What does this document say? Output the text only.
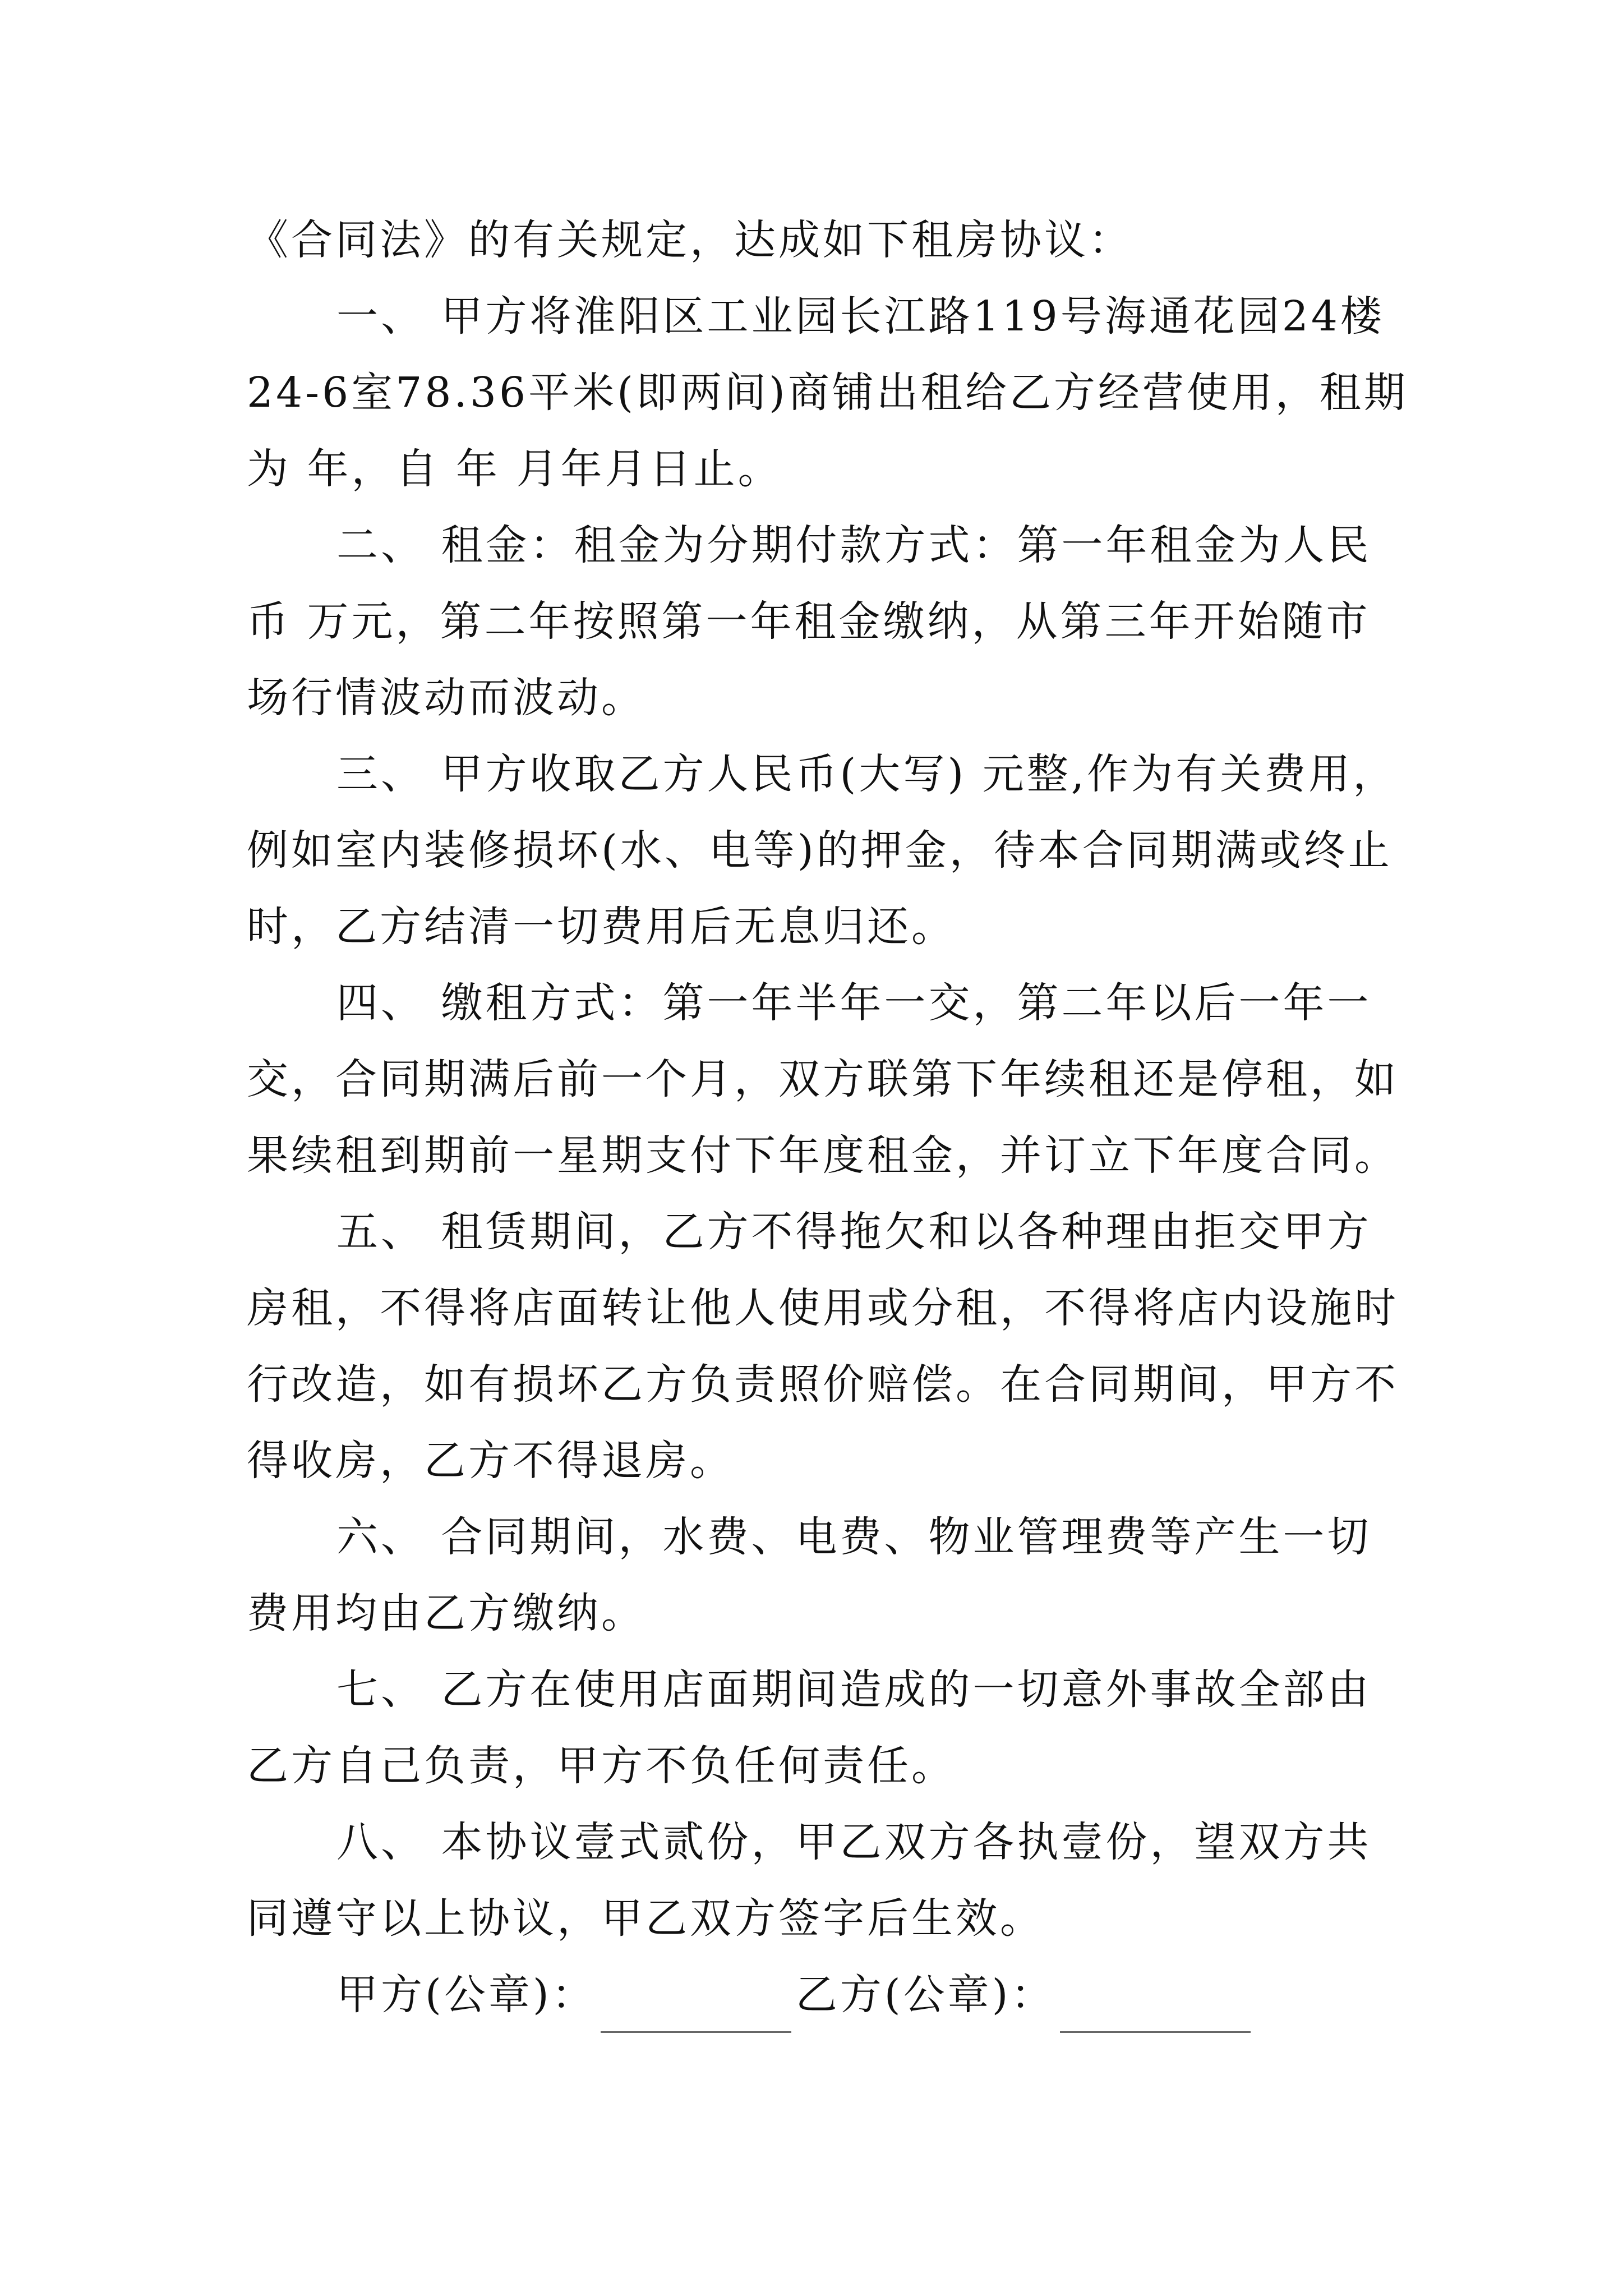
《合同法》的有关规定，达成如下租房协议：
一、 甲方将淮阳区工业园长江路119号海通花园24楼
24-6室78.36平米(即两间)商铺出租给乙方经营使用，租期
为 年，自 年 月年月日止。
二、 租金：租金为分期付款方式：第一年租金为人民
币 万元，第二年按照第一年租金缴纳，从第三年开始随市
场行情波动而波动。
三、 甲方收取乙方人民币(大写) 元整,作为有关费用，
例如室内装修损坏(水、电等)的押金，待本合同期满或终止
时，乙方结清一切费用后无息归还。
四、 缴租方式：第一年半年一交，第二年以后一年一
交，合同期满后前一个月，双方联第下年续租还是停租，如
果续租到期前一星期支付下年度租金，并订立下年度合同。
五、 租赁期间，乙方不得拖欠和以各种理由拒交甲方
房租，不得将店面转让他人使用或分租，不得将店内设施时
行改造，如有损坏乙方负责照价赔偿。在合同期间，甲方不
得收房，乙方不得退房。
六、 合同期间，水费、电费、物业管理费等产生一切
费用均由乙方缴纳。
七、 乙方在使用店面期间造成的一切意外事故全部由
乙方自己负责，甲方不负任何责任。
八、 本协议壹式贰份，甲乙双方各执壹份，望双方共
同遵守以上协议，甲乙双方签字后生效。
甲方(公章)：	乙方(公章)：
